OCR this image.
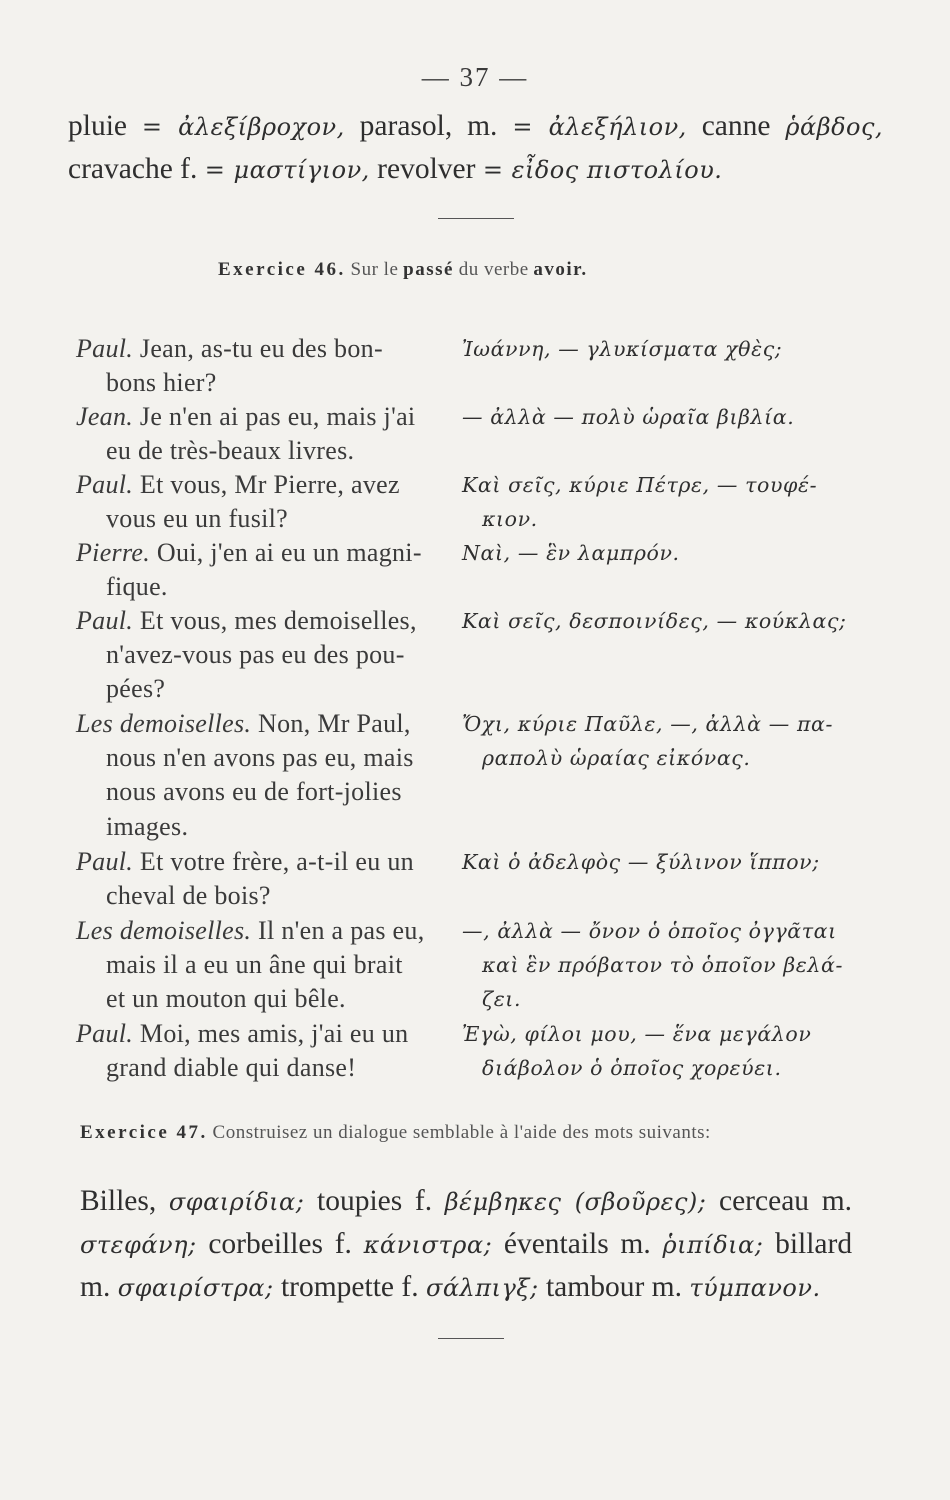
— 37 —
pluie = ἀλεξίβροχον, parasol, m. = ἀλεξήλιον, canne ῥάβδος, cravache f. = μαστίγιον, revolver = εἶδος πιστολίου.
Exercice 46. Sur le passé du verbe avoir.
Paul. Jean, as-tu eu des bon-
bons hier?
Ἰωάννη, — γλυκίσματα χθὲς;
Jean. Je n'en ai pas eu, mais j'ai
eu de très-beaux livres.
— ἀλλὰ — πολὺ ὡραῖα βιβλία.
Paul. Et vous, Mr Pierre, avez
vous eu un fusil?
Καὶ σεῖς, κύριε Πέτρε, — τουφέ-
κιον.
Pierre. Oui, j'en ai eu un magni-
fique.
Ναὶ, — ἓν λαμπρόν.
Paul. Et vous, mes demoiselles,
n'avez-vous pas eu des pou-
pées?
Καὶ σεῖς, δεσποινίδες, — κούκλας;
Les demoiselles. Non, Mr Paul,
nous n'en avons pas eu, mais
nous avons eu de fort-jolies
images.
Ὄχι, κύριε Παῦλε, —, ἀλλὰ — πα-
ραπολὺ ὡραίας εἰκόνας.
Paul. Et votre frère, a-t-il eu un
cheval de bois?
Καὶ ὁ ἀδελφὸς — ξύλινον ἵππον;
Les demoiselles. Il n'en a pas eu,
mais il a eu un âne qui brait
et un mouton qui bêle.
—, ἀλλὰ — ὄνον ὁ ὁποῖος ὀγγᾶται
καὶ ἓν πρόβατον τὸ ὁποῖον βελά-
ζει.
Paul. Moi, mes amis, j'ai eu un
grand diable qui danse!
Ἐγὼ, φίλοι μου, — ἕνα μεγάλον
διάβολον ὁ ὁποῖος χορεύει.
Exercice 47. Construisez un dialogue semblable à l'aide des mots suivants:
Billes, σφαιρίδια; toupies f. βέμβηκες (σβοῦρες); cerceau m. στεφάνη; corbeilles f. κάνιστρα; éventails m. ῥιπίδια; billard m. σφαιρίστρα; trompette f. σάλπιγξ; tambour m. τύμπανον.
